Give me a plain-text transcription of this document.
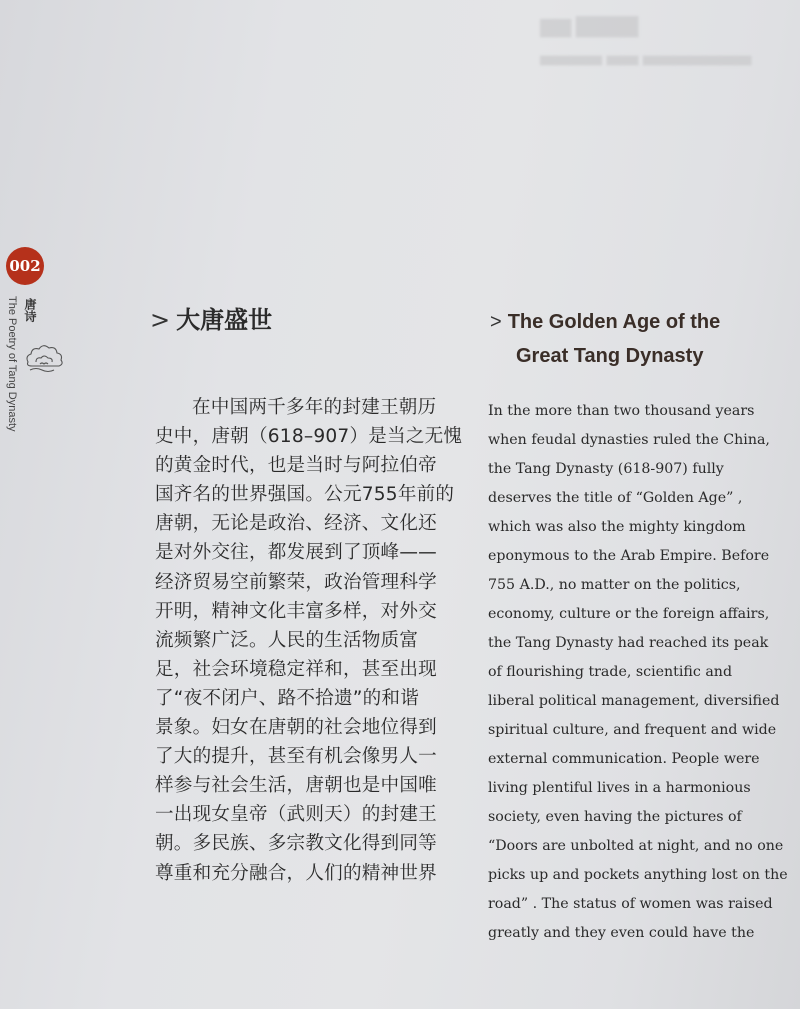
▆▆ ▇▇▇▇
▃▃▃▃ ▃▃ ▃▃▃▃▃▃▃
002
唐诗
The Poetry of Tang Dynasty	> 大唐盛世	> The Golden Age of the
Great Tang Dynasty
在中国两千多年的封建王朝历
史中，唐朝（618–907）是当之无愧
的黄金时代，也是当时与阿拉伯帝
国齐名的世界强国。公元755年前的
唐朝，无论是政治、经济、文化还
是对外交往，都发展到了顶峰——
经济贸易空前繁荣，政治管理科学
开明，精神文化丰富多样，对外交
流频繁广泛。人民的生活物质富
足，社会环境稳定祥和，甚至出现
了“夜不闭户、路不拾遗”的和谐
景象。妇女在唐朝的社会地位得到
了大的提升，甚至有机会像男人一
样参与社会生活，唐朝也是中国唯
一出现女皇帝（武则天）的封建王
朝。多民族、多宗教文化得到同等
尊重和充分融合，人们的精神世界
In the more than two thousand years
when feudal dynasties ruled the China,
the Tang Dynasty (618-907) fully
deserves the title of “Golden Age” ,
which was also the mighty kingdom
eponymous to the Arab Empire. Before
755 A.D., no matter on the politics,
economy, culture or the foreign affairs,
the Tang Dynasty had reached its peak
of flourishing trade, scientific and
liberal political management, diversified
spiritual culture, and frequent and wide
external communication. People were
living plentiful lives in a harmonious
society, even having the pictures of
“Doors are unbolted at night, and no one
picks up and pockets anything lost on the
road” . The status of women was raised
greatly and they even could have the
